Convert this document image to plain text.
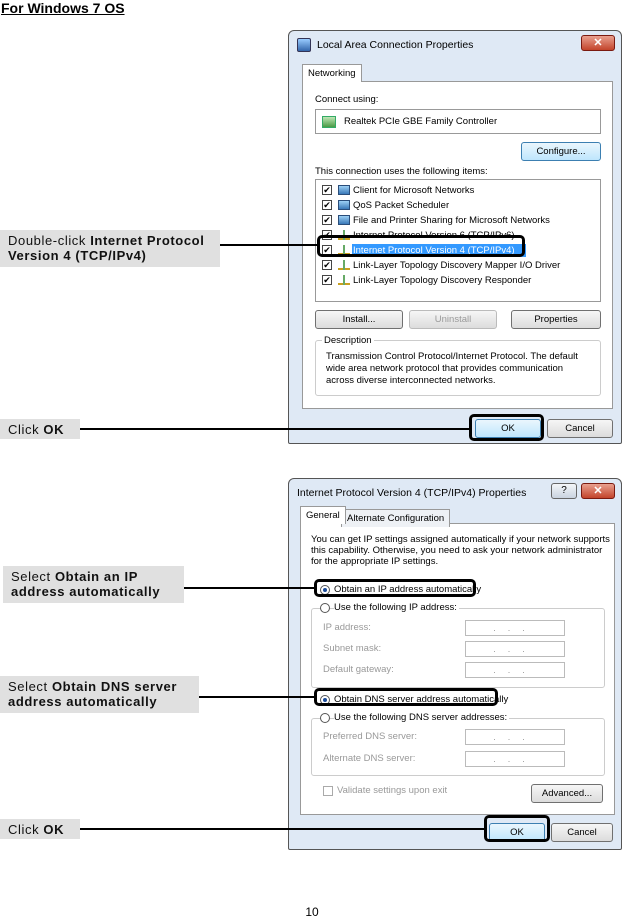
For Windows 7 OS
Local Area Connection Properties	✕
Networking
Connect using:
Realtek PCIe GBE Family Controller
Configure...
This connection uses the following items:
✔ Client for Microsoft Networks
✔ QoS Packet Scheduler
✔ File and Printer Sharing for Microsoft Networks
✔ Internet Protocol Version 6 (TCP/IPv6)
✔ Internet Protocol Version 4 (TCP/IPv4)
✔ Link-Layer Topology Discovery Mapper I/O Driver
✔ Link-Layer Topology Discovery Responder
Install...	Uninstall	Properties
Description
Transmission Control Protocol/Internet Protocol. The default
wide area network protocol that provides communication
across diverse interconnected networks.
OK	Cancel
Internet Protocol Version 4 (TCP/IPv4) Properties	?	✕
General Alternate Configuration
You can get IP settings assigned automatically if your network supports
this capability. Otherwise, you need to ask your network administrator
for the appropriate IP settings.
Obtain an IP address automatically
Use the following IP address:
IP address:	...
Subnet mask:	...
Default gateway:	...
Obtain DNS server address automatically
Use the following DNS server addresses:
Preferred DNS server:	...
Alternate DNS server:	...
Validate settings upon exit	Advanced...
OK	Cancel
Double-click Internet Protocol Version 4 (TCP/IPv4)
Click OK
Select Obtain an IP address automatically
Select Obtain DNS server address automatically
Click OK
10
